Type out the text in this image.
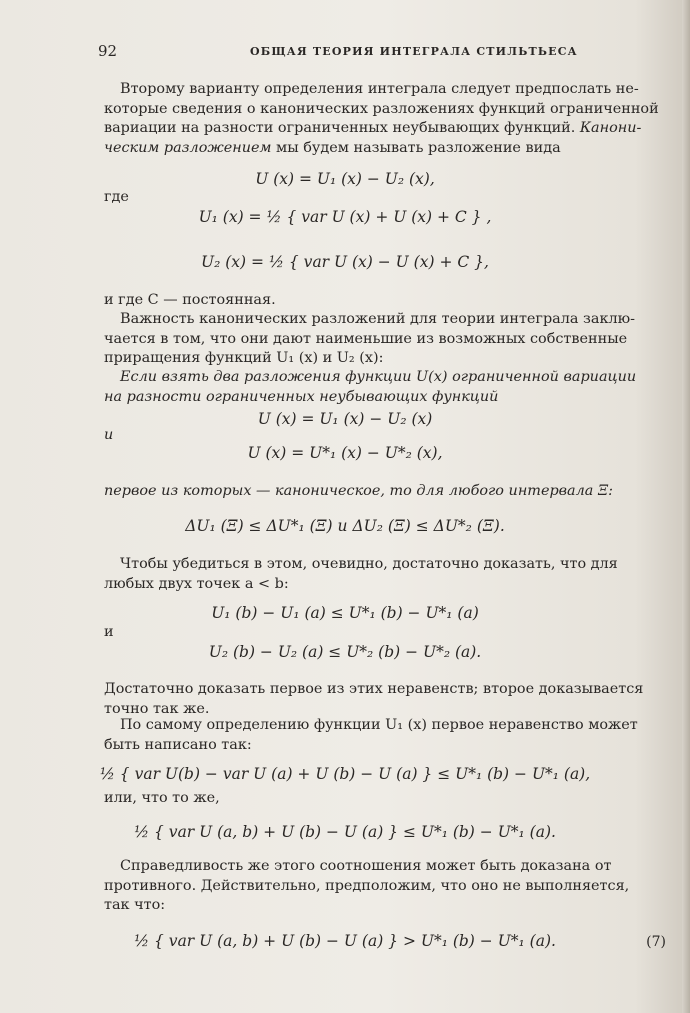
92	ОБЩАЯ ТЕОРИЯ ИНТЕГРАЛА СТИЛЬТЬЕСА
Второму варианту определения интеграла следует предпослать не-
которые сведения о канонических разложениях функций ограниченной
вариации на разности ограниченных неубывающих функций. Канони-
ческим разложением мы будем называть разложение вида
U (x) = U₁ (x) − U₂ (x),
где
U₁ (x) = ½ { var U (x) + U (x) + C } ,
U₂ (x) = ½ { var U (x) − U (x) + C },
и где C — постоянная.
Важность канонических разложений для теории интеграла заклю-
чается в том, что они дают наименьшие из возможных собственные
приращения функций U₁ (x) и U₂ (x):
Если взять два разложения функции U(x) ограниченной вариации
на разности ограниченных неубывающих функций
U (x) = U₁ (x) − U₂ (x)
и
U (x) = U*₁ (x) − U*₂ (x),
первое из которых — каноническое, то для любого интервала Ξ:
ΔU₁ (Ξ) ≤ ΔU*₁ (Ξ) и ΔU₂ (Ξ) ≤ ΔU*₂ (Ξ).
Чтобы убедиться в этом, очевидно, достаточно доказать, что для
любых двух точек a < b:
U₁ (b) − U₁ (a) ≤ U*₁ (b) − U*₁ (a)
и
U₂ (b) − U₂ (a) ≤ U*₂ (b) − U*₂ (a).
Достаточно доказать первое из этих неравенств; второе доказывается
точно так же.
По самому определению функции U₁ (x) первое неравенство может
быть написано так:
½ { var U(b) − var U (a) + U (b) − U (a) } ≤ U*₁ (b) − U*₁ (a),
или, что то же,
½ { var U (a, b) + U (b) − U (a) } ≤ U*₁ (b) − U*₁ (a).
Справедливость же этого соотношения может быть доказана от
противного. Действительно, предположим, что оно не выполняется,
так что:
½ { var U (a, b) + U (b) − U (a) } > U*₁ (b) − U*₁ (a).	(7)
